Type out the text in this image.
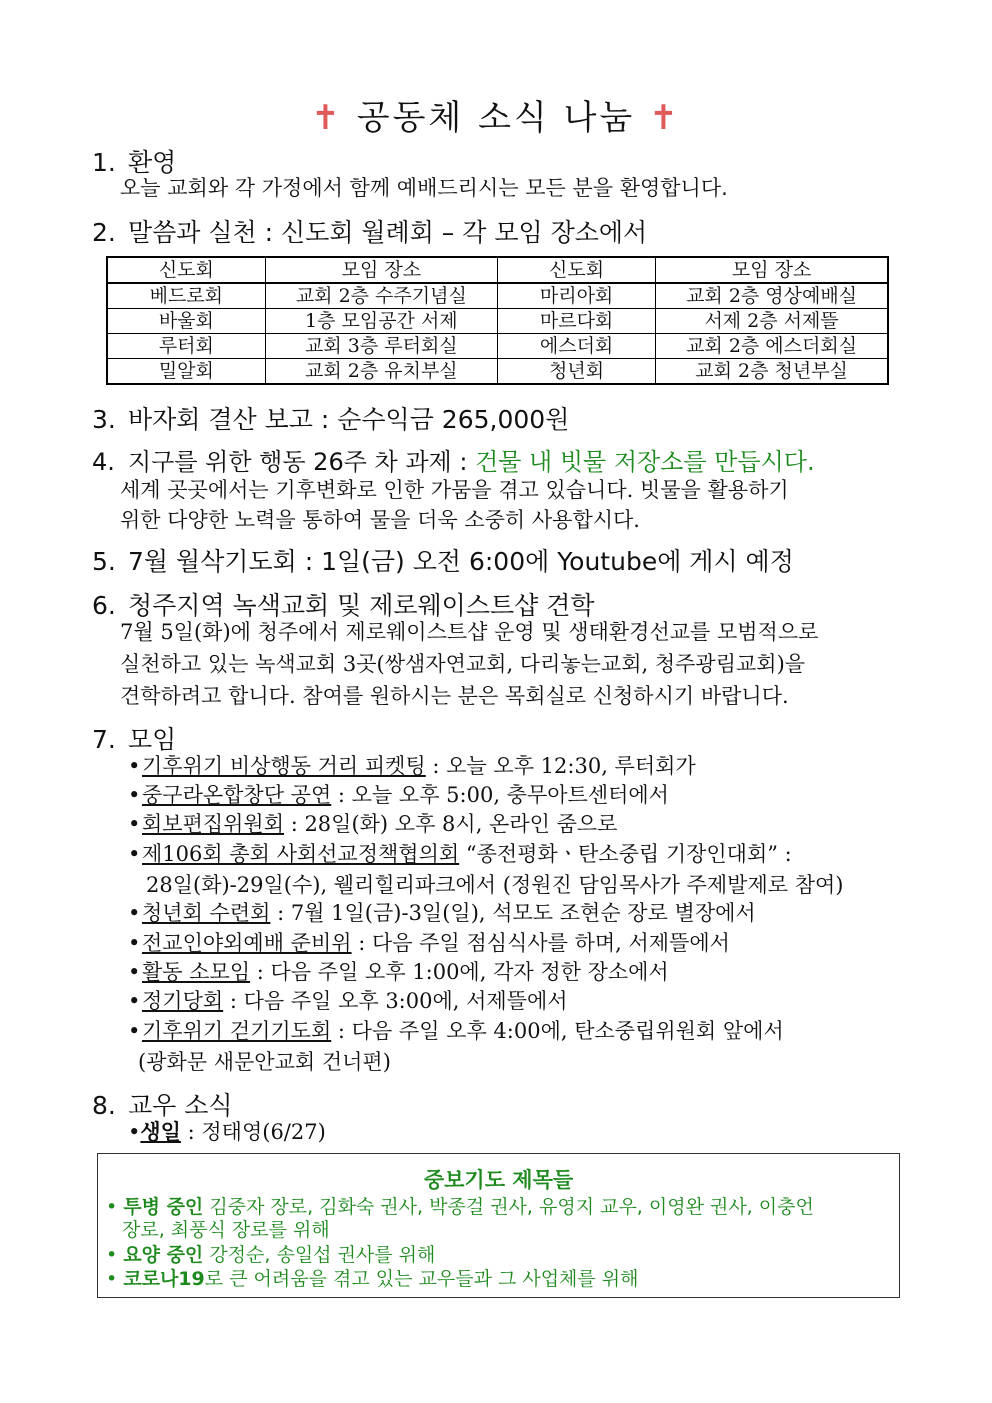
✝ 공동체 소식 나눔 ✝
1. 환영
오늘 교회와 각 가정에서 함께 예배드리시는 모든 분을 환영합니다.
2. 말씀과 실천 : 신도회 월례회 – 각 모임 장소에서
신도회	모임 장소	신도회	모임 장소
베드로회	교회 2층 수주기념실	마리아회	교회 2층 영상예배실
바울회	1층 모임공간 서제	마르다회	서제 2층 서제뜰
루터회	교회 3층 루터회실	에스더회	교회 2층 에스더회실
밀알회	교회 2층 유치부실	청년회	교회 2층 청년부실
3. 바자회 결산 보고 : 순수익금 265,000원
4. 지구를 위한 행동 26주 차 과제 : 건물 내 빗물 저장소를 만듭시다.
세계 곳곳에서는 기후변화로 인한 가뭄을 겪고 있습니다. 빗물을 활용하기
위한 다양한 노력을 통하여 물을 더욱 소중히 사용합시다.
5. 7월 월삭기도회 : 1일(금) 오전 6:00에 Youtube에 게시 예정
6. 청주지역 녹색교회 및 제로웨이스트샵 견학
7월 5일(화)에 청주에서 제로웨이스트샵 운영 및 생태환경선교를 모범적으로
실천하고 있는 녹색교회 3곳(쌍샘자연교회, 다리놓는교회, 청주광림교회)을
견학하려고 합니다. 참여를 원하시는 분은 목회실로 신청하시기 바랍니다.
7. 모임
•기후위기 비상행동 거리 피켓팅 : 오늘 오후 12:30, 루터회가
•중구라온합창단 공연 : 오늘 오후 5:00, 충무아트센터에서
•회보편집위원회 : 28일(화) 오후 8시, 온라인 줌으로
•제106회 총회 사회선교정책협의회 “종전평화ㆍ탄소중립 기장인대회” :
28일(화)-29일(수), 웰리힐리파크에서 (정원진 담임목사가 주제발제로 참여)
•청년회 수련회 : 7월 1일(금)-3일(일), 석모도 조현순 장로 별장에서
•전교인야외예배 준비위 : 다음 주일 점심식사를 하며, 서제뜰에서
•활동 소모임 : 다음 주일 오후 1:00에, 각자 정한 장소에서
•정기당회 : 다음 주일 오후 3:00에, 서제뜰에서
•기후위기 걷기기도회 : 다음 주일 오후 4:00에, 탄소중립위원회 앞에서
(광화문 새문안교회 건너편)
8. 교우 소식
•생일 : 정태영(6/27)
중보기도 제목들
• 투병 중인 김중자 장로, 김화숙 권사, 박종걸 권사, 유영지 교우, 이영완 권사, 이충언
장로, 최풍식 장로를 위해
• 요양 중인 강정순, 송일섭 권사를 위해
• 코로나19로 큰 어려움을 겪고 있는 교우들과 그 사업체를 위해
